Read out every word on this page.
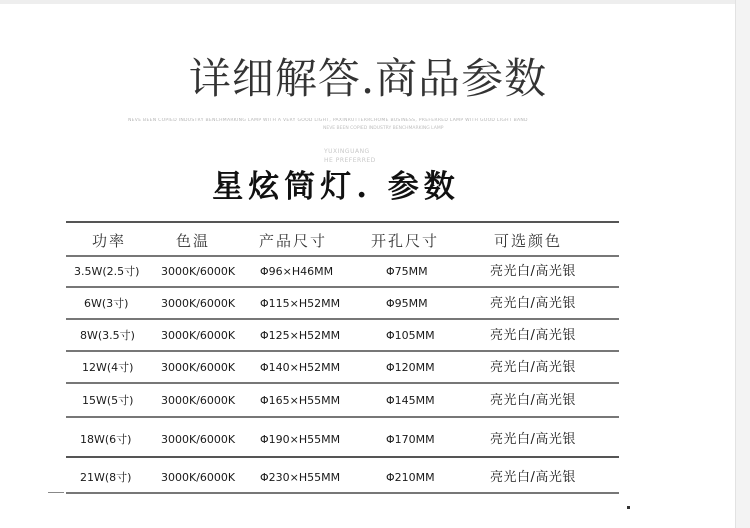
详细解答.商品参数
NEVE BEEN COPIED INDUSTRY BENCHMARKING LAMP WITH A VERY GOOD LIGHT, PAXINRUTTERRCHOME BUSINESS, PREFERRED LAMP WITH GOOD LIGHT BAND
NEVE BEEN COPIED INDUSTRY BENCHMARKING LAMP
YUXINGUANG
HE PREFERRED
星炫筒灯. 参数
功率	色温	产品尺寸	开孔尺寸	可选颜色
3.5W(2.5寸) 3000K/6000K Φ96×H46MM	Φ75MM	亮光白/高光银
6W(3寸)	3000K/6000K Φ115×H52MM	Φ95MM	亮光白/高光银
8W(3.5寸) 3000K/6000K Φ125×H52MM	Φ105MM	亮光白/高光银
12W(4寸)	3000K/6000K Φ140×H52MM	Φ120MM	亮光白/高光银
15W(5寸)	3000K/6000K Φ165×H55MM	Φ145MM	亮光白/高光银
18W(6寸)	3000K/6000K Φ190×H55MM	Φ170MM	亮光白/高光银
21W(8寸)	3000K/6000K Φ230×H55MM	Φ210MM	亮光白/高光银
